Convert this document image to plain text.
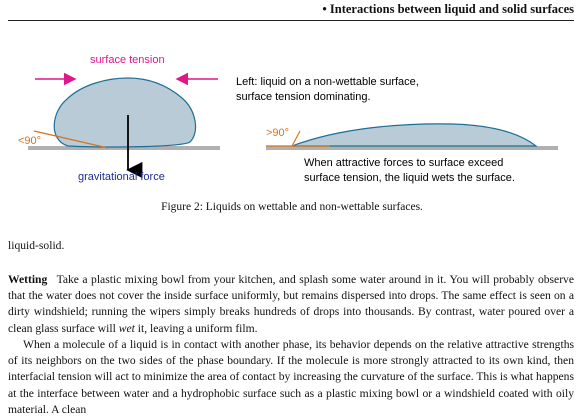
• Interactions between liquid and solid surfaces
surface tension
<90°
gravitational force
Left: liquid on a non-wettable surface,
surface tension dominating.
>90°
When attractive forces to surface exceed
surface tension, the liquid wets the surface.
Figure 2: Liquids on wettable and non-wettable surfaces.
liquid-solid.
Wetting Take a plastic mixing bowl from your kitchen, and splash some water around in it. You will probably observe that the water does not cover the inside surface uniformly, but remains dispersed into drops. The same effect is seen on a dirty windshield; running the wipers simply breaks hundreds of drops into thousands. By contrast, water poured over a clean glass surface will wet it, leaving a uniform film.
When a molecule of a liquid is in contact with another phase, its behavior depends on the relative attractive strengths of its neighbors on the two sides of the phase boundary. If the molecule is more strongly attracted to its own kind, then interfacial tension will act to minimize the area of contact by increasing the curvature of the surface. This is what happens at the interface between water and a hydrophobic surface such as a plastic mixing bowl or a windshield coated with oily material. A clean
